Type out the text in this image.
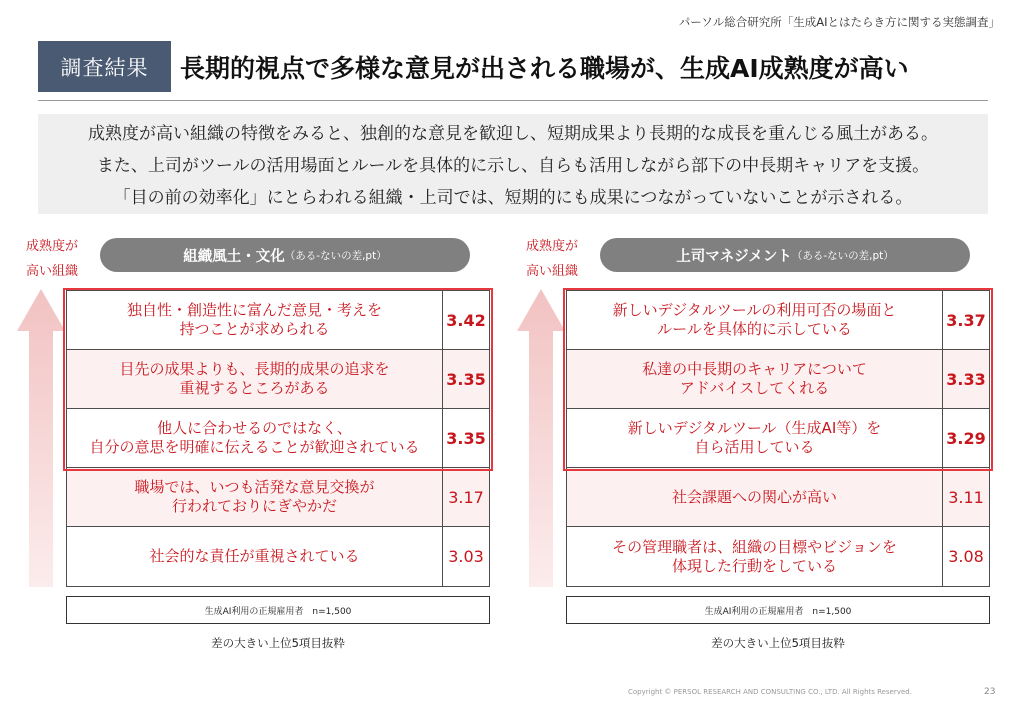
パーソル総合研究所「生成AIとはたらき方に関する実態調査」
調査結果	長期的視点で多様な意見が出される職場が、生成AI成熟度が高い

成熟度が高い組織の特徴をみると、独創的な意見を歓迎し、短期成果より長期的な成長を重んじる風土がある。

また、上司がツールの活用場面とルールを具体的に示し、自らも活用しながら部下の中長期キャリアを支援。

「目の前の効率化」にとらわれる組織・上司では、短期的にも成果につながっていないことが示される。

成熟度が
高い組織
組織風土・文化 （ある-ないの差,pt）
独自性・創造性に富んだ意見・考えを
持つことが求められる	3.42
目先の成果よりも、長期的成果の追求を
重視するところがある	3.35
他人に合わせるのではなく、
自分の意思を明確に伝えることが歓迎されている 3.35
職場では、いつも活発な意見交換が
行われておりにぎやかだ	3.17
社会的な責任が重視されている	3.03
生成AI利用の正規雇用者　n=1,500
差の大きい上位5項目抜粋
成熟度が
高い組織
上司マネジメント （ある-ないの差,pt）
新しいデジタルツールの利用可否の場面と
ルールを具体的に示している	3.37
私達の中長期のキャリアについて
アドバイスしてくれる	3.33
新しいデジタルツール（生成AI等）を
自ら活用している	3.29
社会課題への関心が高い	3.11
その管理職者は、組織の目標やビジョンを
体現した行動をしている	3.08
生成AI利用の正規雇用者　n=1,500
差の大きい上位5項目抜粋
Copyright © PERSOL RESEARCH AND CONSULTING CO., LTD. All Rights Reserved.	23
